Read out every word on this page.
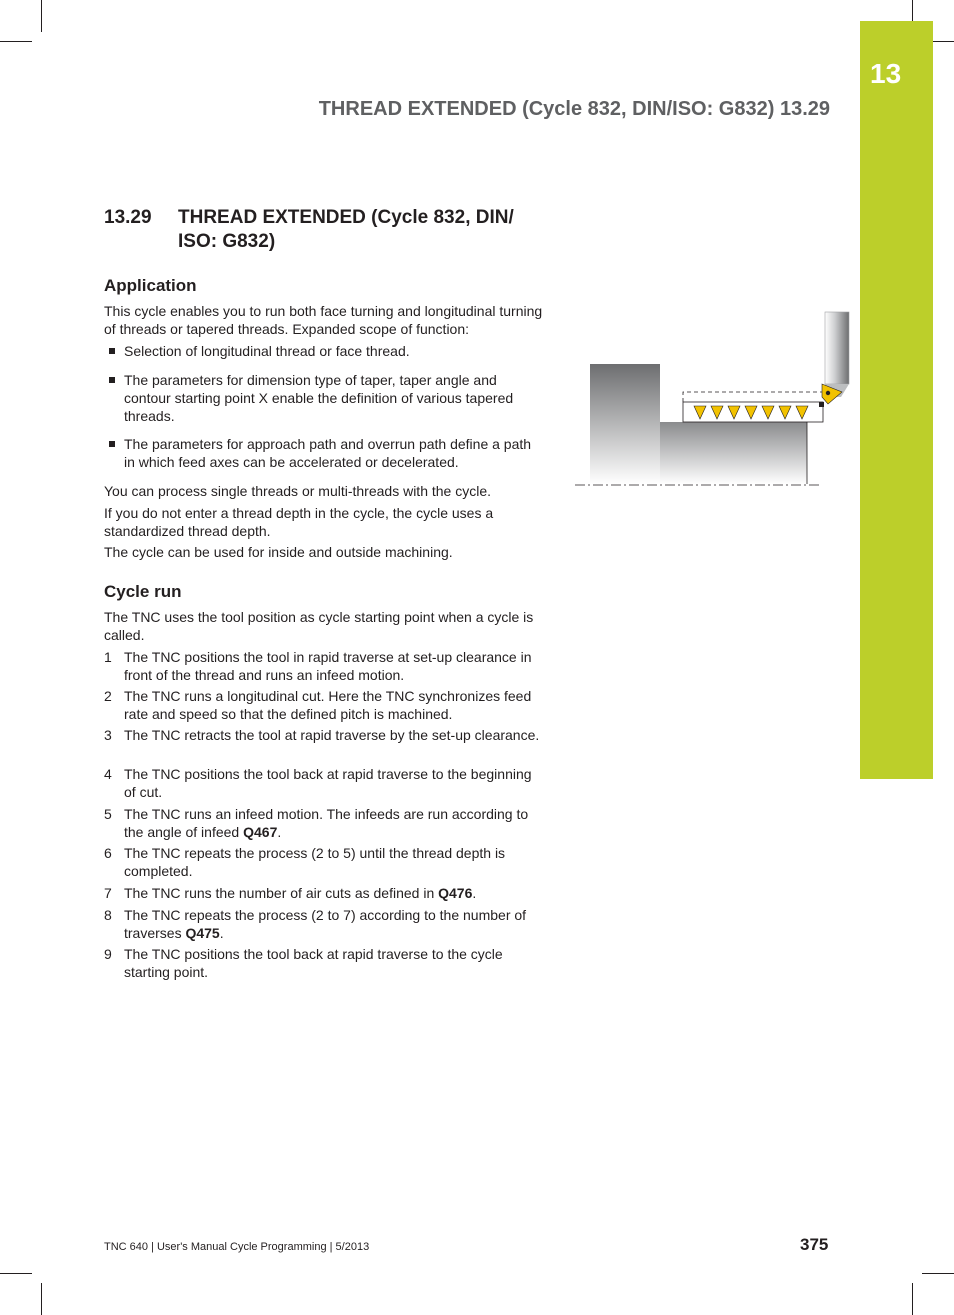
13
THREAD EXTENDED (Cycle 832, DIN/ISO: G832) 13.29
13.29 THREAD EXTENDED (Cycle 832, DIN/ ISO: G832)
Application
This cycle enables you to run both face turning and longitudinal turning of threads or tapered threads. Expanded scope of function:
Selection of longitudinal thread or face thread.
The parameters for dimension type of taper, taper angle and contour starting point X enable the definition of various tapered threads.
The parameters for approach path and overrun path define a path in which feed axes can be accelerated or decelerated.
You can process single threads or multi-threads with the cycle.
If you do not enter a thread depth in the cycle, the cycle uses a standardized thread depth.
The cycle can be used for inside and outside machining.
Cycle run
The TNC uses the tool position as cycle starting point when a cycle is called.
1 The TNC positions the tool in rapid traverse at set-up clearance in front of the thread and runs an infeed motion.
2 The TNC runs a longitudinal cut. Here the TNC synchronizes feed rate and speed so that the defined pitch is machined.
3 The TNC retracts the tool at rapid traverse by the set-up clearance.
4 The TNC positions the tool back at rapid traverse to the beginning of cut.
5 The TNC runs an infeed motion. The infeeds are run according to the angle of infeed Q467.
6 The TNC repeats the process (2 to 5) until the thread depth is completed.
7 The TNC runs the number of air cuts as defined in Q476.
8 The TNC repeats the process (2 to 7) according to the number of traverses Q475.
9 The TNC positions the tool back at rapid traverse to the cycle starting point.
TNC 640 | User's Manual Cycle Programming | 5/2013	375
